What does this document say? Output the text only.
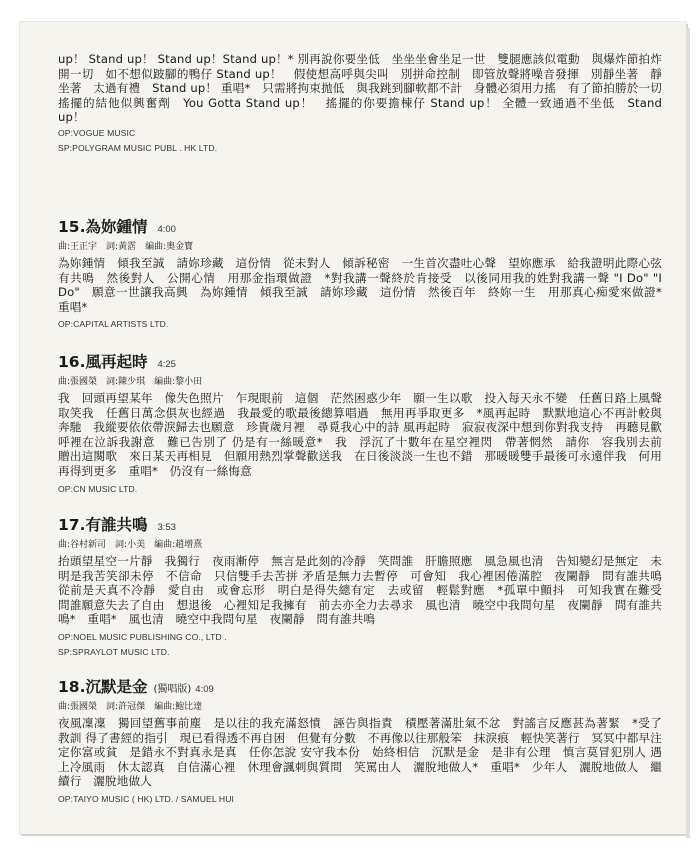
up！ Stand up！ Stand up！Stand up！* 別再說你要坐低　坐坐坐會坐足一世　雙腿應該似電動　與爆炸節拍炸開一切　如不想似跛腳的鴨仔 Stand up！　假使想高呼與尖叫　別拼命控制　即管放聲將噪音發揮　別靜坐著　靜坐著　太過有禮　Stand up！ 重唱*　只需將拘束拋低　與我跳到腳軟都不計　身體必須用力搖　有了節拍勝於一切　搖擺的結他似興奮劑　You Gotta Stand up！　搖擺的你要擔棟仔 Stand up！ 全體一致通過不坐低　Stand up！

OP:VOGUE MUSIC
SP:POLYGRAM MUSIC PUBL . HK LTD.
15.為妳鍾情 4:00
曲:王正宇　詞:黃霑　編曲:奧金寶

為妳鍾情　傾我至誠　請妳珍藏　這份情　從未對人　傾訴秘密　一生首次盡吐心聲　望妳應承　給我證明此際心弦　有共鳴　然後對人　公開心情　用那金指環做證　*對我講一聲終於肯接受　以後同用我的姓對我講一聲 "I Do" "I Do"　願意一世讓我高興　為妳鍾情　傾我至誠　請妳珍藏　這份情　然後百年　終妳一生　用那真心痴愛來做證*　重唱*

OP:CAPITAL ARTISTS LTD.
16.風再起時 4:25
曲:張國榮　詞:陳少琪　編曲:黎小田

我　回頭再望某年　像失色照片　乍現眼前　這個　茫然困惑少年　願一生以歌　投入每天永不變　任舊日路上風聲取笑我　任舊日萬念俱灰也經過　我最愛的歌最後總算唱過　無用再爭取更多　*風再起時　默默地這心不再計較與奔馳　我縱要依依帶淚歸去也願意　珍貴歲月裡　尋覓我心中的詩 風再起時　寂寂夜深中想到你對我支持　再聽見歡呼裡在泣訴我謝意　難已告別了 仍是有一絲暖意*　我　浮沉了十數年在星空裡閃　帶著惘然　請你　容我別去前　贈出這闋歌　來日某天再相見　但願用熱烈掌聲歡送我　在日後淡淡一生也不錯　那暖暖雙手最後可永遠伴我　何用再得到更多　重唱*　仍沒有一絲悔意

OP:CN MUSIC LTD.
17.有誰共鳴 3:53
曲:谷村新司　詞:小美　編曲:趙增熹

抬頭望星空一片靜　我獨行　夜雨漸停　無言是此刻的冷靜　笑問誰　肝膽照應　風急風也清　告知變幻是無定　未明是我苦笑卻未停　不信命　只信雙手去苦拼 矛盾是無力去暫停　可會知　我心裡困倦滿腔　夜闌靜　問有誰共鳴　從前是天真不冷靜　愛自由　或會忘形　明白是得失總有定　去或留　輕鬆對應　*孤單中顫抖　可知我實在難受　問誰願意失去了自由　想退後　心裡知足我擁有　前去亦全力去尋求　風也清　曉空中我問句星　夜闌靜　問有誰共鳴*　重唱*　風也清　曉空中我問句星　夜闌靜　問有誰共鳴

OP:NOEL MUSIC PUBLISHING CO., LTD .
SP:SPRAYLOT MUSIC LTD.
18.沉默是金 (獨唱版) 4:09
曲:張國榮　詞:許冠傑　編曲:鮑比達

夜風凜凜　獨回望舊事前塵　是以往的我充滿怒憤　誣告與指責　積壓著滿肚氣不忿　對謠言反應甚為著緊　*受了教訓 得了書經的指引　現已看得透不再自困　但覺有分數　不再像以往那般笨　抹淚痕　輕快笑著行　冥冥中都早注定你富或貧　是錯永不對真永是真　任你怎說 安守我本份　始終相信　沉默是金　是非有公理　慎言莫冒犯別人 遇上冷風雨　休太認真　自信滿心裡　休理會諷刺與質問　笑罵由人　灑脫地做人*　重唱*　少年人　灑脫地做人　繼續行　灑脫地做人

OP:TAIYO MUSIC ( HK) LTD. / SAMUEL HUI
